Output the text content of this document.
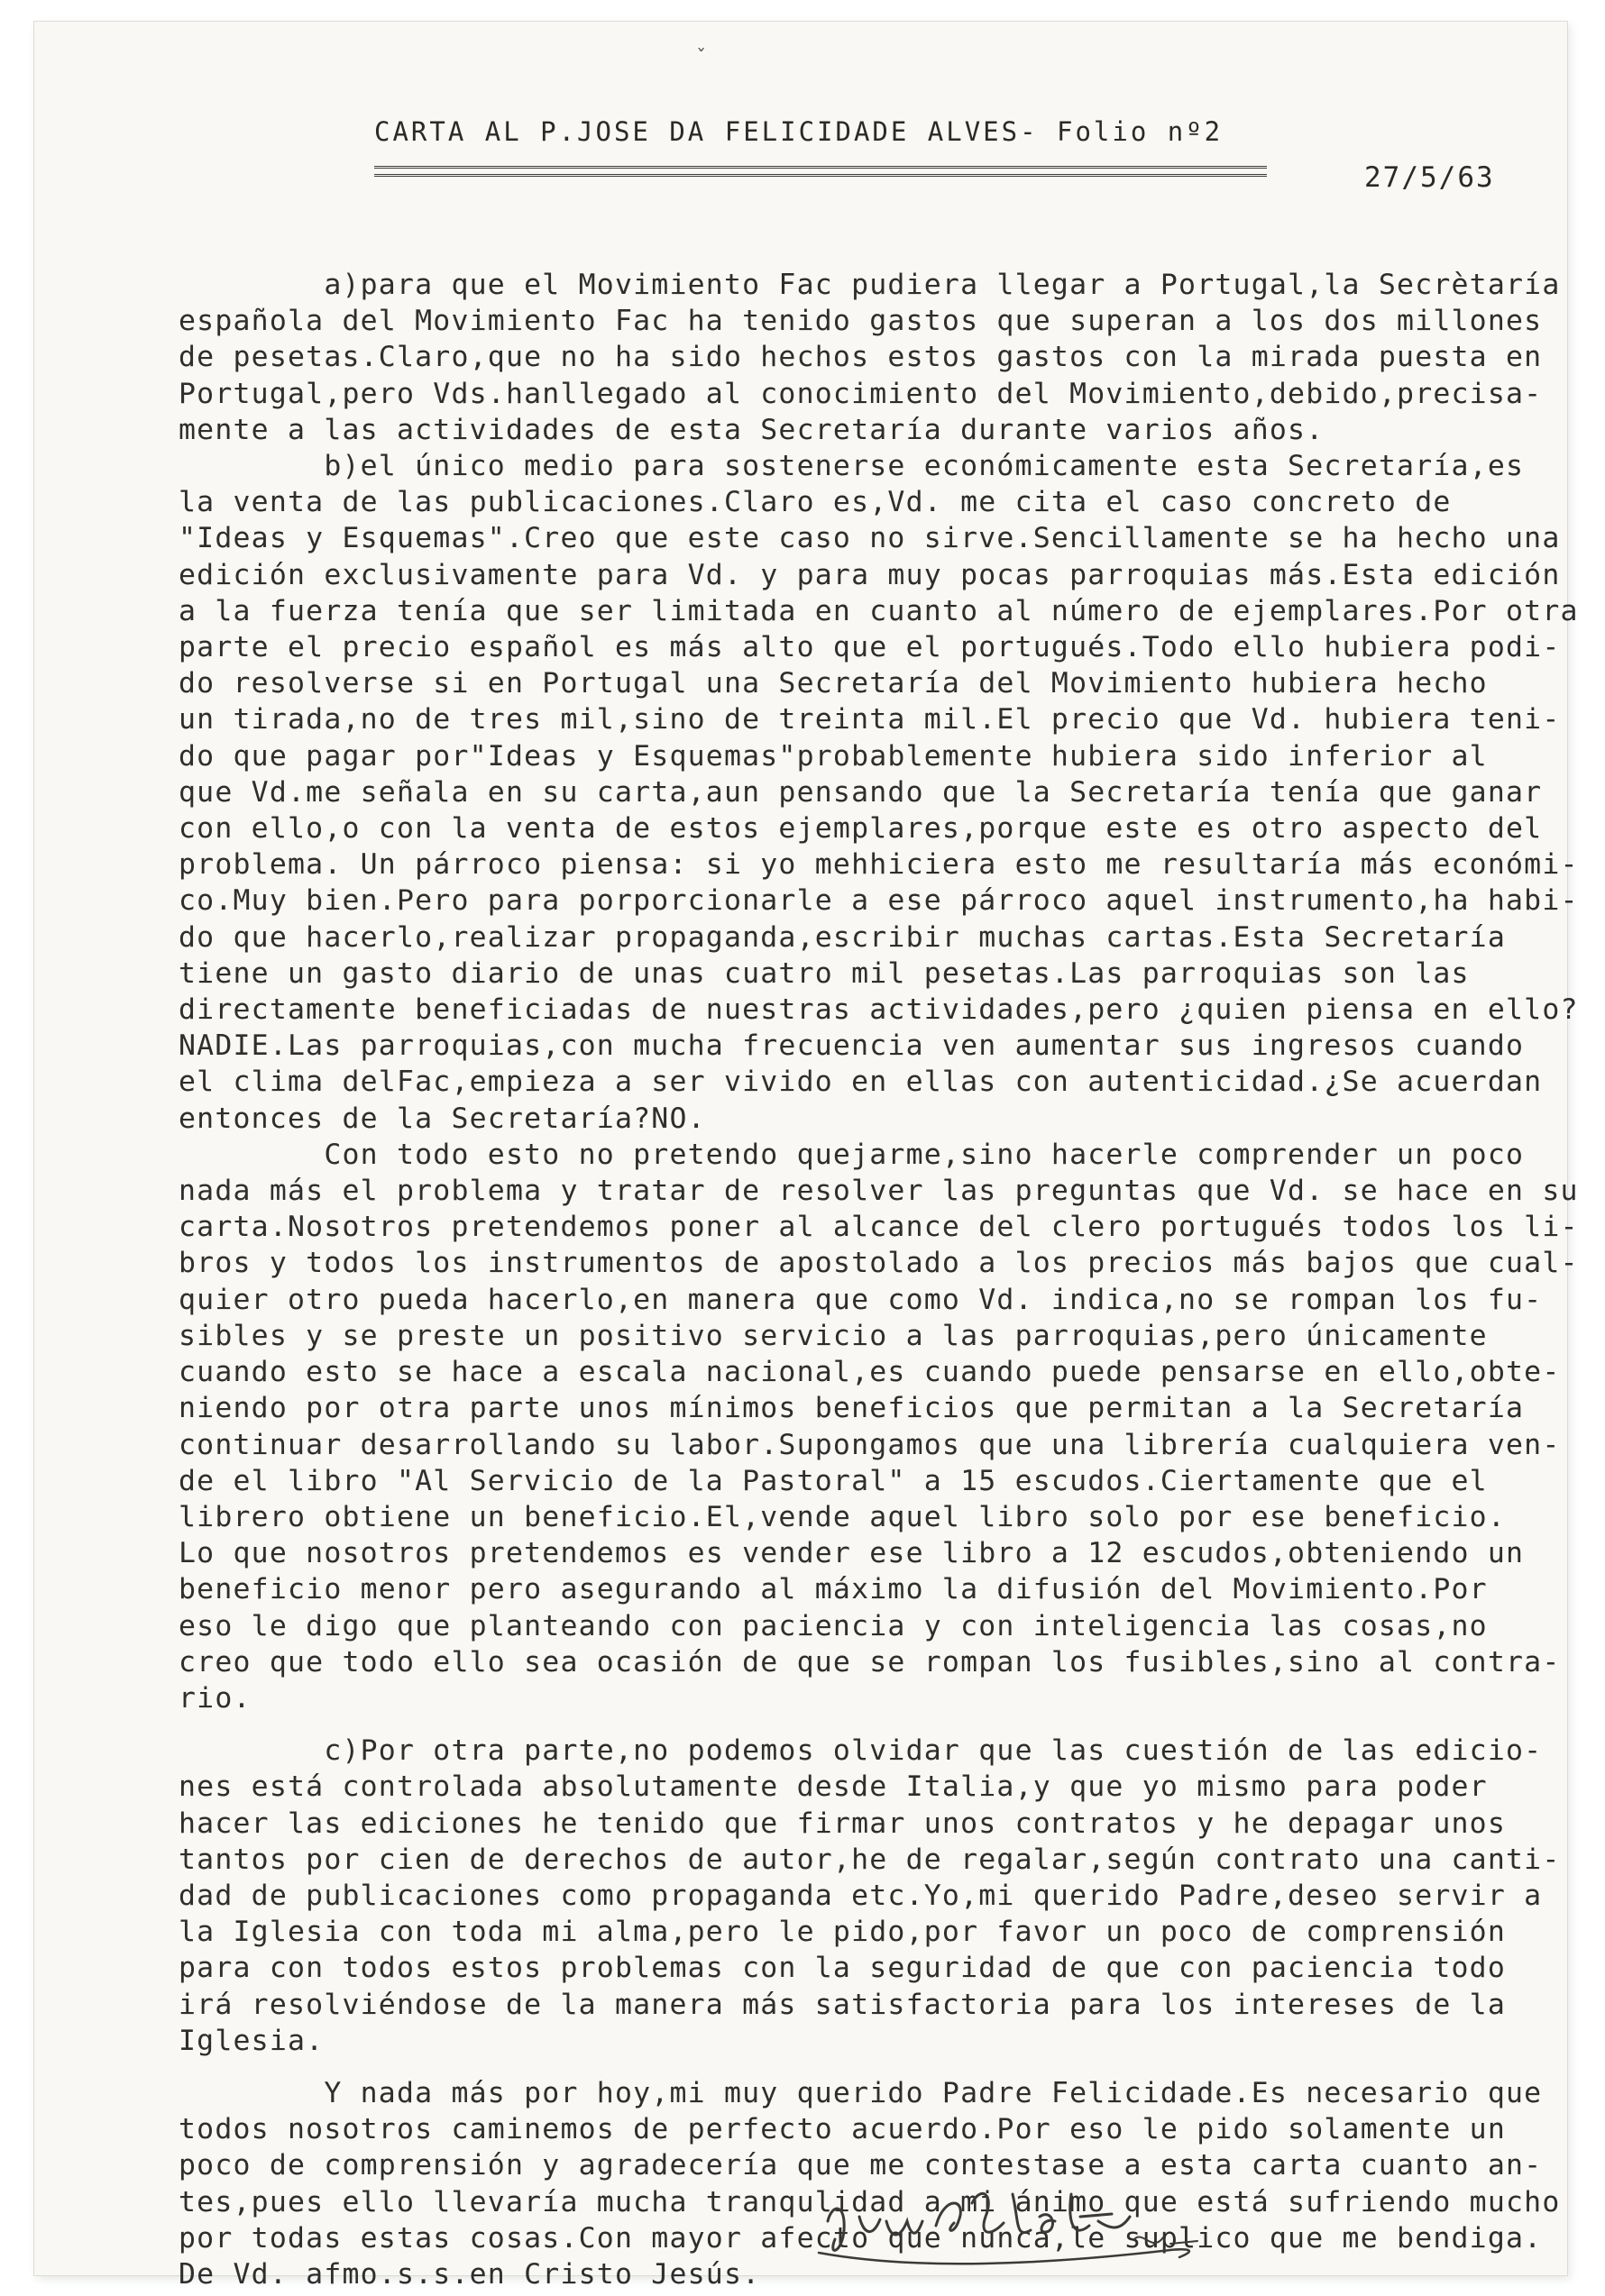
ˇ
CARTA AL P.JOSE DA FELICIDADE ALVES- Folio nº2
27/5/63
a)para que el Movimiento Fac pudiera llegar a Portugal,la Secrètaría
española del Movimiento Fac ha tenido gastos que superan a los dos millones
de pesetas.Claro,que no ha sido hechos estos gastos con la mirada puesta en
Portugal,pero Vds.hanllegado al conocimiento del Movimiento,debido,precisa-
mente a las actividades de esta Secretaría durante varios años.
b)el único medio para sostenerse económicamente esta Secretaría,es
la venta de las publicaciones.Claro es,Vd. me cita el caso concreto de
"Ideas y Esquemas".Creo que este caso no sirve.Sencillamente se ha hecho una
edición exclusivamente para Vd. y para muy pocas parroquias más.Esta edición
a la fuerza tenía que ser limitada en cuanto al número de ejemplares.Por otra
parte el precio español es más alto que el portugués.Todo ello hubiera podi-
do resolverse si en Portugal una Secretaría del Movimiento hubiera hecho
un tirada,no de tres mil,sino de treinta mil.El precio que Vd. hubiera teni-
do que pagar por"Ideas y Esquemas"probablemente hubiera sido inferior al
que Vd.me señala en su carta,aun pensando que la Secretaría tenía que ganar
con ello,o con la venta de estos ejemplares,porque este es otro aspecto del
problema. Un párroco piensa: si yo mehhiciera esto me resultaría más económi-
co.Muy bien.Pero para porporcionarle a ese párroco aquel instrumento,ha habi-
do que hacerlo,realizar propaganda,escribir muchas cartas.Esta Secretaría
tiene un gasto diario de unas cuatro mil pesetas.Las parroquias son las
directamente beneficiadas de nuestras actividades,pero ¿quien piensa en ello?
NADIE.Las parroquias,con mucha frecuencia ven aumentar sus ingresos cuando
el clima delFac,empieza a ser vivido en ellas con autenticidad.¿Se acuerdan
entonces de la Secretaría?NO.
Con todo esto no pretendo quejarme,sino hacerle comprender un poco
nada más el problema y tratar de resolver las preguntas que Vd. se hace en su
carta.Nosotros pretendemos poner al alcance del clero portugués todos los li-
bros y todos los instrumentos de apostolado a los precios más bajos que cual-
quier otro pueda hacerlo,en manera que como Vd. indica,no se rompan los fu-
sibles y se preste un positivo servicio a las parroquias,pero únicamente
cuando esto se hace a escala nacional,es cuando puede pensarse en ello,obte-
niendo por otra parte unos mínimos beneficios que permitan a la Secretaría
continuar desarrollando su labor.Supongamos que una librería cualquiera ven-
de el libro "Al Servicio de la Pastoral" a 15 escudos.Ciertamente que el
librero obtiene un beneficio.El,vende aquel libro solo por ese beneficio.
Lo que nosotros pretendemos es vender ese libro a 12 escudos,obteniendo un
beneficio menor pero asegurando al máximo la difusión del Movimiento.Por
eso le digo que planteando con paciencia y con inteligencia las cosas,no
creo que todo ello sea ocasión de que se rompan los fusibles,sino al contra-
rio.
c)Por otra parte,no podemos olvidar que las cuestión de las edicio-
nes está controlada absolutamente desde Italia,y que yo mismo para poder
hacer las ediciones he tenido que firmar unos contratos y he depagar unos
tantos por cien de derechos de autor,he de regalar,según contrato una canti-
dad de publicaciones como propaganda etc.Yo,mi querido Padre,deseo servir a
la Iglesia con toda mi alma,pero le pido,por favor un poco de comprensión
para con todos estos problemas con la seguridad de que con paciencia todo
irá resolviéndose de la manera más satisfactoria para los intereses de la
Iglesia.
Y nada más por hoy,mi muy querido Padre Felicidade.Es necesario que
todos nosotros caminemos de perfecto acuerdo.Por eso le pido solamente un
poco de comprensión y agradecería que me contestase a esta carta cuanto an-
tes,pues ello llevaría mucha tranqulidad a mi ánimo que está sufriendo mucho
por todas estas cosas.Con mayor afecto que nunca,le suplico que me bendiga.
De Vd. afmo.s.s.en Cristo Jesús.
